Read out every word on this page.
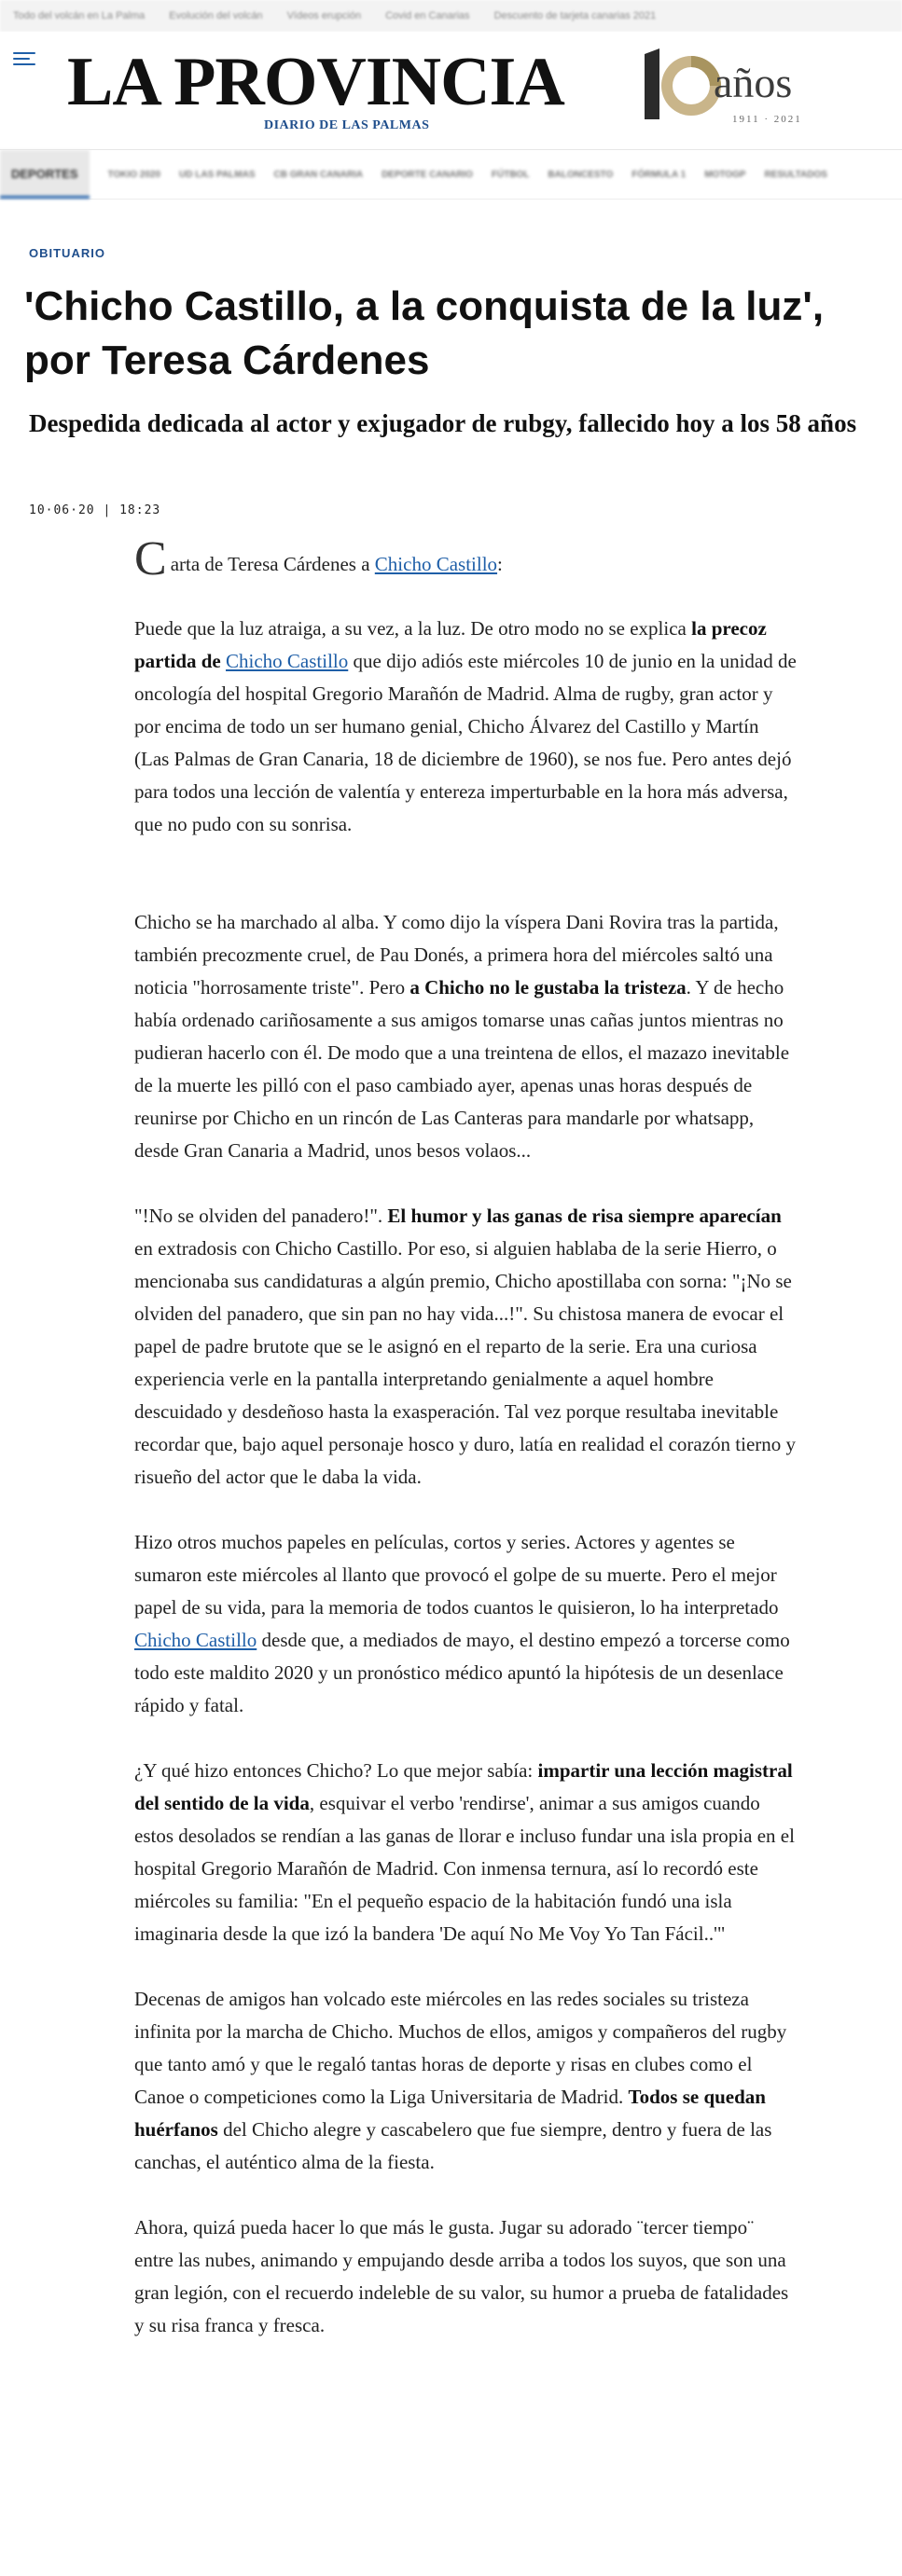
Todo del volcán en La Palma Evolución del volcán Vídeos erupción Covid en Canarias Descuento de tarjeta canarias 2021
LA PROVINCIA
DIARIO DE LAS PALMAS
años
1911 · 2021
DEPORTES	TOKIO 2020 UD LAS PALMAS CB GRAN CANARIA DEPORTE CANARIO FÚTBOL BALONCESTO FÓRMULA 1 MOTOGP RESULTADOS
OBITUARIO
'Chicho Castillo, a la conquista de la luz', por Teresa Cárdenes
Despedida dedicada al actor y exjugador de rubgy, fallecido hoy a los 58 años
10·06·20 | 18:23

Carta de Teresa Cárdenes a Chicho Castillo:

Puede que la luz atraiga, a su vez, a la luz. De otro modo no se explica la precoz partida de Chicho Castillo que dijo adiós este miércoles 10 de junio en la unidad de oncología del hospital Gregorio Marañón de Madrid. Alma de rugby, gran actor y por encima de todo un ser humano genial, Chicho Álvarez del Castillo y Martín (Las Palmas de Gran Canaria, 18 de diciembre de 1960), se nos fue. Pero antes dejó para todos una lección de valentía y entereza imperturbable en la hora más adversa, que no pudo con su sonrisa.

Chicho se ha marchado al alba. Y como dijo la víspera Dani Rovira tras la partida, también precozmente cruel, de Pau Donés, a primera hora del miércoles saltó una noticia "horrosamente triste". Pero a Chicho no le gustaba la tristeza. Y de hecho había ordenado cariñosamente a sus amigos tomarse unas cañas juntos mientras no pudieran hacerlo con él. De modo que a una treintena de ellos, el mazazo inevitable de la muerte les pilló con el paso cambiado ayer, apenas unas horas después de reunirse por Chicho en un rincón de Las Canteras para mandarle por whatsapp, desde Gran Canaria a Madrid, unos besos volaos...

"!No se olviden del panadero!". El humor y las ganas de risa siempre aparecían en extradosis con Chicho Castillo. Por eso, si alguien hablaba de la serie Hierro, o mencionaba sus candidaturas a algún premio, Chicho apostillaba con sorna: "¡No se olviden del panadero, que sin pan no hay vida...!". Su chistosa manera de evocar el papel de padre brutote que se le asignó en el reparto de la serie. Era una curiosa experiencia verle en la pantalla interpretando genialmente a aquel hombre descuidado y desdeñoso hasta la exasperación. Tal vez porque resultaba inevitable recordar que, bajo aquel personaje hosco y duro, latía en realidad el corazón tierno y risueño del actor que le daba la vida.

Hizo otros muchos papeles en películas, cortos y series. Actores y agentes se sumaron este miércoles al llanto que provocó el golpe de su muerte. Pero el mejor papel de su vida, para la memoria de todos cuantos le quisieron, lo ha interpretado Chicho Castillo desde que, a mediados de mayo, el destino empezó a torcerse como todo este maldito 2020 y un pronóstico médico apuntó la hipótesis de un desenlace rápido y fatal.

¿Y qué hizo entonces Chicho? Lo que mejor sabía: impartir una lección magistral del sentido de la vida, esquivar el verbo 'rendirse', animar a sus amigos cuando estos desolados se rendían a las ganas de llorar e incluso fundar una isla propia en el hospital Gregorio Marañón de Madrid. Con inmensa ternura, así lo recordó este miércoles su familia: "En el pequeño espacio de la habitación fundó una isla imaginaria desde la que izó la bandera 'De aquí No Me Voy Yo Tan Fácil..'"

Decenas de amigos han volcado este miércoles en las redes sociales su tristeza infinita por la marcha de Chicho. Muchos de ellos, amigos y compañeros del rugby que tanto amó y que le regaló tantas horas de deporte y risas en clubes como el Canoe o competiciones como la Liga Universitaria de Madrid. Todos se quedan huérfanos del Chicho alegre y cascabelero que fue siempre, dentro y fuera de las canchas, el auténtico alma de la fiesta.

Ahora, quizá pueda hacer lo que más le gusta. Jugar su adorado ¨tercer tiempo¨ entre las nubes, animando y empujando desde arriba a todos los suyos, que son una gran legión, con el recuerdo indeleble de su valor, su humor a prueba de fatalidades y su risa franca y fresca.
